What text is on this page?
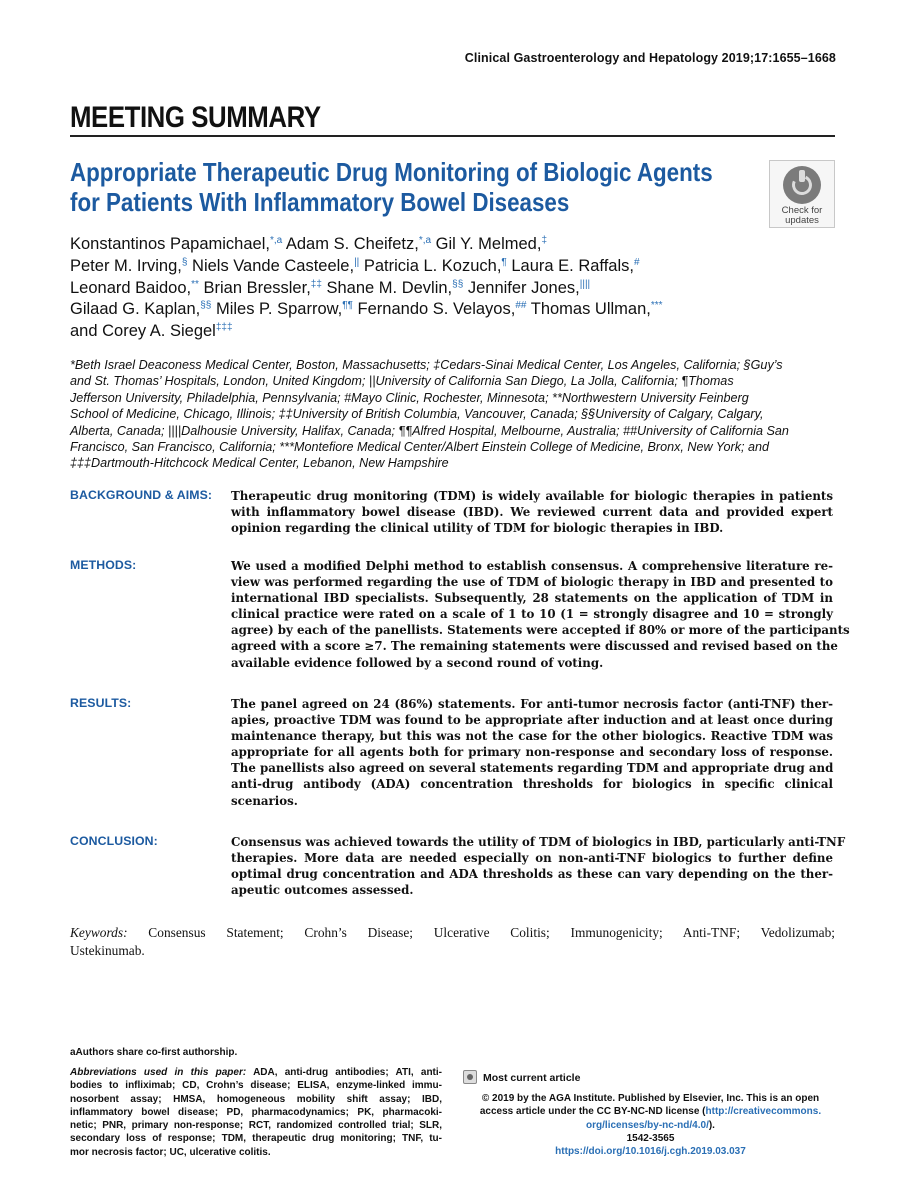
Clinical Gastroenterology and Hepatology 2019;17:1655–1668
MEETING SUMMARY
Appropriate Therapeutic Drug Monitoring of Biologic Agents
for Patients With Inflammatory Bowel Diseases	Check for
updates
Konstantinos Papamichael,$^{*,a}$ Adam S. Cheifetz,$^{*,a}$ Gil Y. Melmed,‡
Peter M. Irving,§ Niels Vande Casteele,|| Patricia L. Kozuch,¶ Laura E. Raffals,#
Leonard Baidoo,** Brian Bressler,‡‡ Shane M. Devlin,§§ Jennifer Jones,||||
Gilaad G. Kaplan,§§ Miles P. Sparrow,¶¶ Fernando S. Velayos,## Thomas Ullman,***
and Corey A. Siegel‡‡‡
*Beth Israel Deaconess Medical Center, Boston, Massachusetts; ‡Cedars-Sinai Medical Center, Los Angeles, California; §Guy’s
and St. Thomas’ Hospitals, London, United Kingdom; ||University of California San Diego, La Jolla, California; ¶Thomas
Jefferson University, Philadelphia, Pennsylvania; #Mayo Clinic, Rochester, Minnesota; **Northwestern University Feinberg
School of Medicine, Chicago, Illinois; ‡‡University of British Columbia, Vancouver, Canada; §§University of Calgary, Calgary,
Alberta, Canada; ||||Dalhousie University, Halifax, Canada; ¶¶Alfred Hospital, Melbourne, Australia; ##University of California San
Francisco, San Francisco, California; ***Montefiore Medical Center/Albert Einstein College of Medicine, Bronx, New York; and
‡‡‡Dartmouth-Hitchcock Medical Center, Lebanon, New Hampshire
BACKGROUND & AIMS: Therapeutic drug monitoring (TDM) is widely available for biologic therapies in patients
with inflammatory bowel disease (IBD). We reviewed current data and provided expert
opinion regarding the clinical utility of TDM for biologic therapies in IBD.
METHODS:	We used a modified Delphi method to establish consensus. A comprehensive literature re-
view was performed regarding the use of TDM of biologic therapy in IBD and presented to
international IBD specialists. Subsequently, 28 statements on the application of TDM in
clinical practice were rated on a scale of 1 to 10 (1 = strongly disagree and 10 = strongly
agree) by each of the panellists. Statements were accepted if 80% or more of the participants
agreed with a score ≥7. The remaining statements were discussed and revised based on the
available evidence followed by a second round of voting.
RESULTS:	The panel agreed on 24 (86%) statements. For anti-tumor necrosis factor (anti-TNF) ther-
apies, proactive TDM was found to be appropriate after induction and at least once during
maintenance therapy, but this was not the case for the other biologics. Reactive TDM was
appropriate for all agents both for primary non-response and secondary loss of response.
The panellists also agreed on several statements regarding TDM and appropriate drug and
anti-drug antibody (ADA) concentration thresholds for biologics in specific clinical
scenarios.
CONCLUSION:	Consensus was achieved towards the utility of TDM of biologics in IBD, particularly anti-TNF
therapies. More data are needed especially on non-anti-TNF biologics to further define
optimal drug concentration and ADA thresholds as these can vary depending on the ther-
apeutic outcomes assessed.
Keywords: Consensus Statement; Crohn’s Disease; Ulcerative Colitis; Immunogenicity; Anti-TNF; Vedolizumab;
Ustekinumab.
aAuthors share co-first authorship.
Abbreviations used in this paper: ADA, anti-drug antibodies; ATI, anti-
bodies to infliximab; CD, Crohn’s disease; ELISA, enzyme-linked immu-
nosorbent assay; HMSA, homogeneous mobility shift assay; IBD,
inflammatory bowel disease; PD, pharmacodynamics; PK, pharmacoki-
netic; PNR, primary non-response; RCT, randomized controlled trial; SLR,
secondary loss of response; TDM, therapeutic drug monitoring; TNF, tu-
mor necrosis factor; UC, ulcerative colitis.
Most current article
© 2019 by the AGA Institute. Published by Elsevier, Inc. This is an open
access article under the CC BY-NC-ND license (http://creativecommons.
org/licenses/by-nc-nd/4.0/).
1542-3565
https://doi.org/10.1016/j.cgh.2019.03.037
